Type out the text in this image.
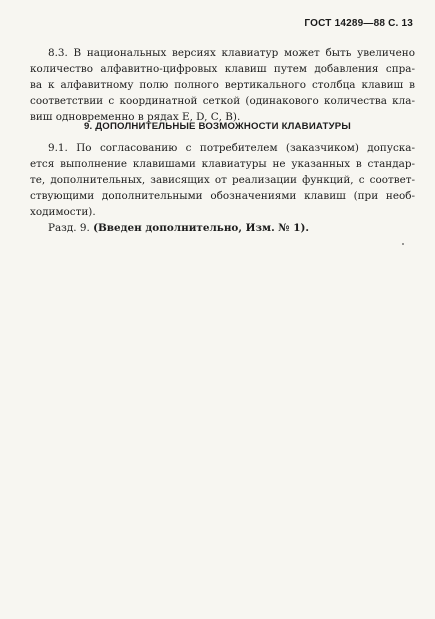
ГОСТ 14289—88 С. 13
8.3. В национальных версиях клавиатур может быть увеличено
количество алфавитно-цифровых клавиш путем добавления спра-
ва к алфавитному полю полного вертикального столбца клавиш в
соответствии с координатной сеткой (одинакового количества кла-
виш одновременно в рядах Е, D, С, В).
9. ДОПОЛНИТЕЛЬНЫЕ ВОЗМОЖНОСТИ КЛАВИАТУРЫ
9.1. По согласованию с потребителем (заказчиком) допуска-
ется выполнение клавишами клавиатуры не указанных в стандар-
те, дополнительных, зависящих от реализации функций, с соответ-
ствующими дополнительными обозначениями клавиш (при необ-
ходимости).
Разд. 9. (Введен дополнительно, Изм. № 1).
